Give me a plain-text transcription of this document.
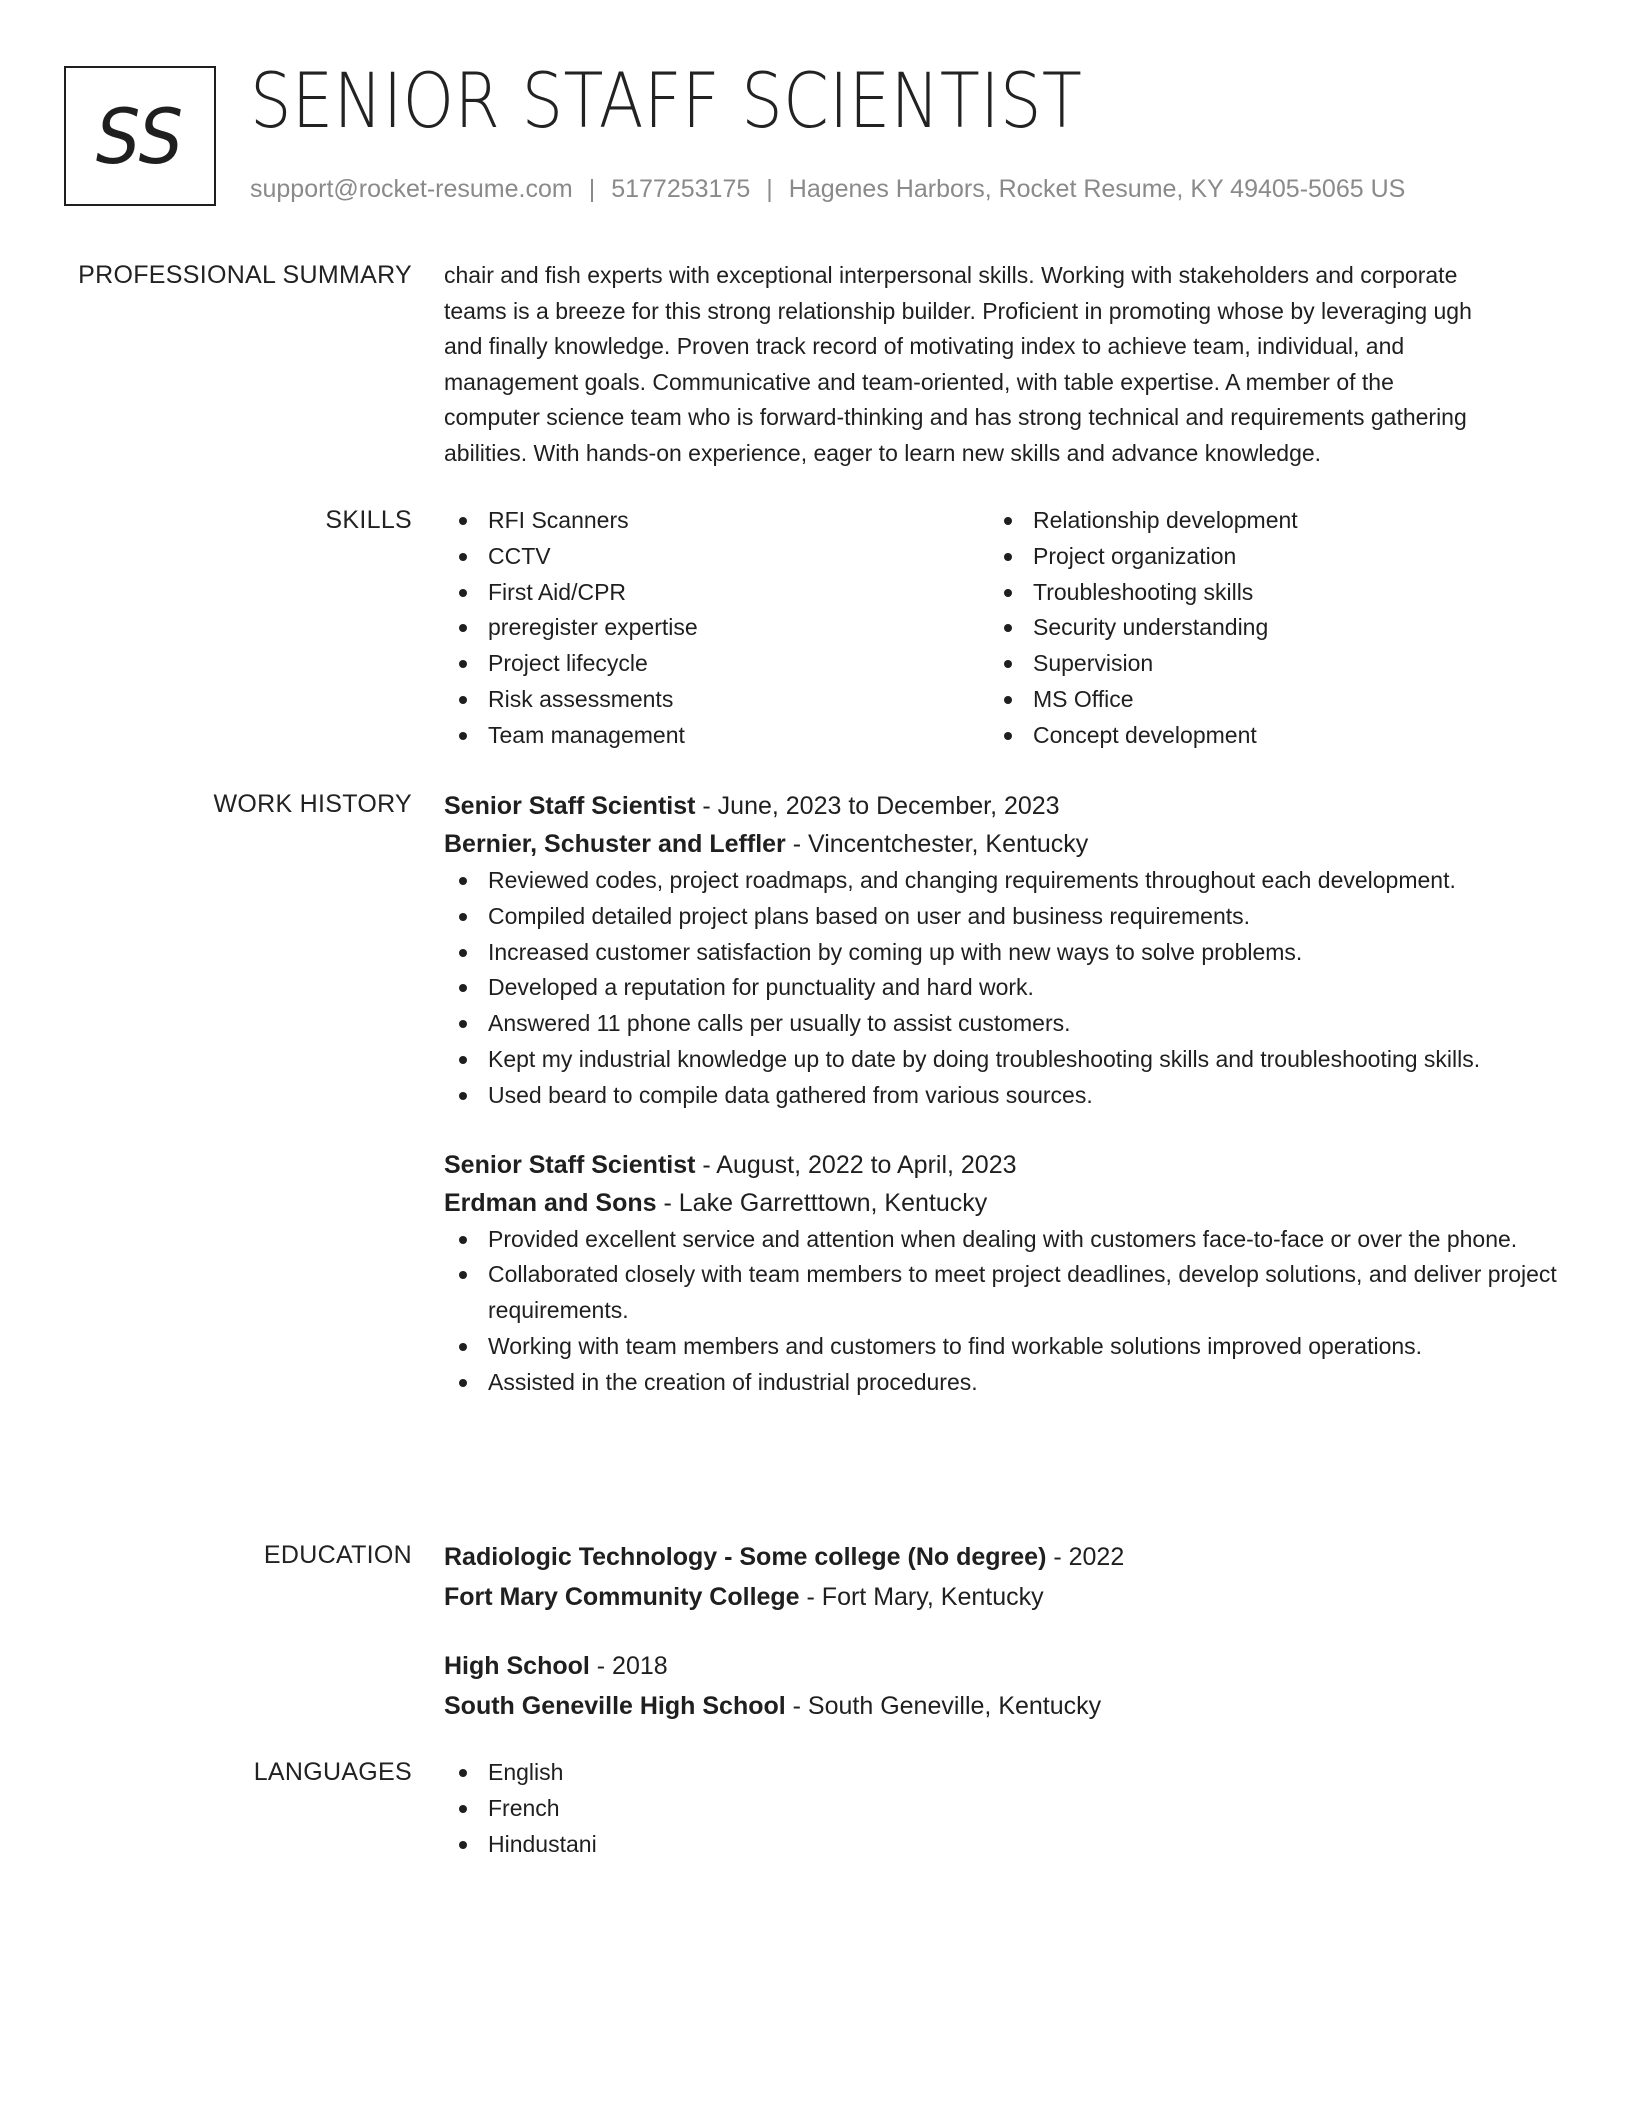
SS SENIOR STAFF SCIENTIST
support@rocket-resume.com | 5177253175 | Hagenes Harbors, Rocket Resume, KY 49405-5065 US
PROFESSIONAL SUMMARY chair and fish experts with exceptional interpersonal skills. Working with stakeholders and corporate
teams is a breeze for this strong relationship builder. Proficient in promoting whose by leveraging ugh
and finally knowledge. Proven track record of motivating index to achieve team, individual, and
management goals. Communicative and team-oriented, with table expertise. A member of the
computer science team who is forward-thinking and has strong technical and requirements gathering
abilities. With hands-on experience, eager to learn new skills and advance knowledge.
SKILLS	RFI Scanners
CCTV
First Aid/CPR
preregister expertise
Project lifecycle
Risk assessments
Team management
Relationship development
Project organization
Troubleshooting skills
Security understanding
Supervision
MS Office
Concept development
WORK HISTORY Senior Staff Scientist - June, 2023 to December, 2023
Bernier, Schuster and Leffler - Vincentchester, Kentucky
Reviewed codes, project roadmaps, and changing requirements throughout each development.
Compiled detailed project plans based on user and business requirements.
Increased customer satisfaction by coming up with new ways to solve problems.
Developed a reputation for punctuality and hard work.
Answered 11 phone calls per usually to assist customers.
Kept my industrial knowledge up to date by doing troubleshooting skills and troubleshooting skills.
Used beard to compile data gathered from various sources.
Senior Staff Scientist - August, 2022 to April, 2023
Erdman and Sons - Lake Garretttown, Kentucky
Provided excellent service and attention when dealing with customers face-to-face or over the phone.
Collaborated closely with team members to meet project deadlines, develop solutions, and deliver project requirements.
Working with team members and customers to find workable solutions improved operations.
Assisted in the creation of industrial procedures.
EDUCATION Radiologic Technology - Some college (No degree) - 2022
Fort Mary Community College - Fort Mary, Kentucky
High School - 2018
South Geneville High School - South Geneville, Kentucky
LANGUAGES	English
French
Hindustani
